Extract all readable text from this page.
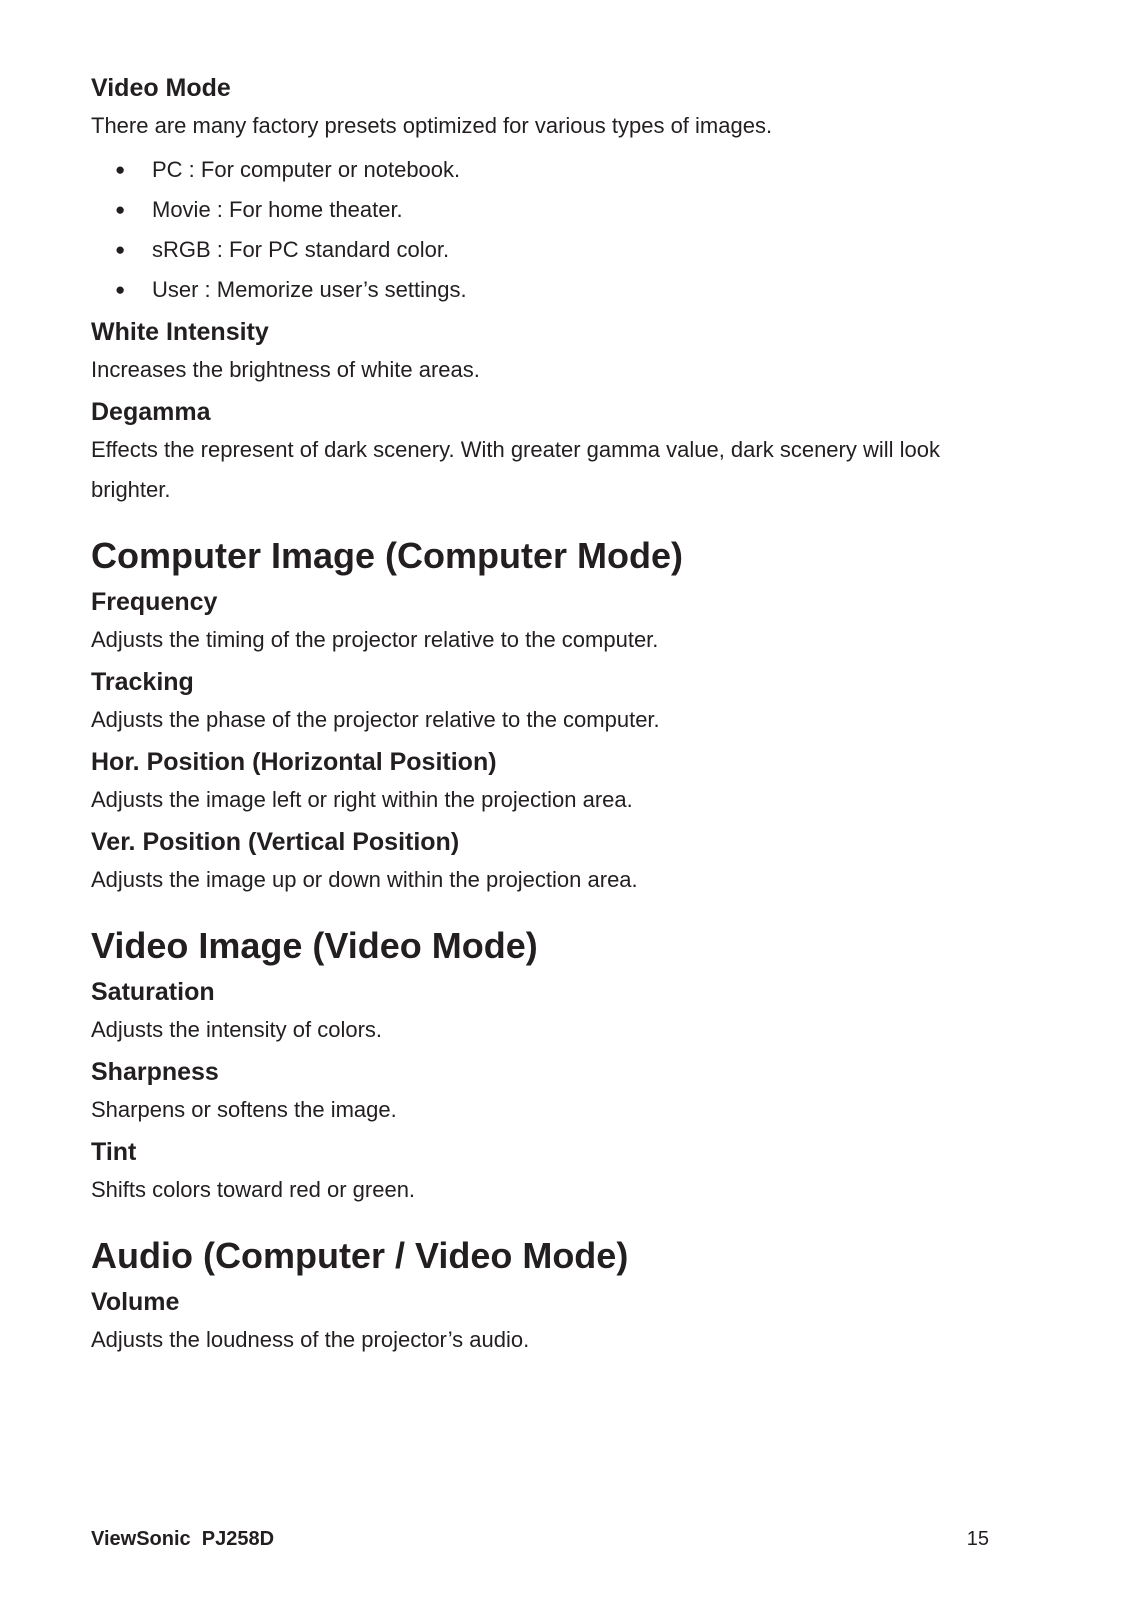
Video Mode
There are many factory presets optimized for various types of images.
● PC : For computer or notebook.
● Movie : For home theater.
● sRGB : For PC standard color.
● User : Memorize user’s settings.
White Intensity
Increases the brightness of white areas.
Degamma
Effects the represent of dark scenery. With greater gamma value, dark scenery will look brighter.
Computer Image (Computer Mode)
Frequency
Adjusts the timing of the projector relative to the computer.
Tracking
Adjusts the phase of the projector relative to the computer.
Hor. Position (Horizontal Position)
Adjusts the image left or right within the projection area.
Ver. Position (Vertical Position)
Adjusts the image up or down within the projection area.
Video Image (Video Mode)
Saturation
Adjusts the intensity of colors.
Sharpness
Sharpens or softens the image.
Tint
Shifts colors toward red or green.
Audio (Computer / Video Mode)
Volume
Adjusts the loudness of the projector’s audio.
ViewSonic  PJ258D	15
